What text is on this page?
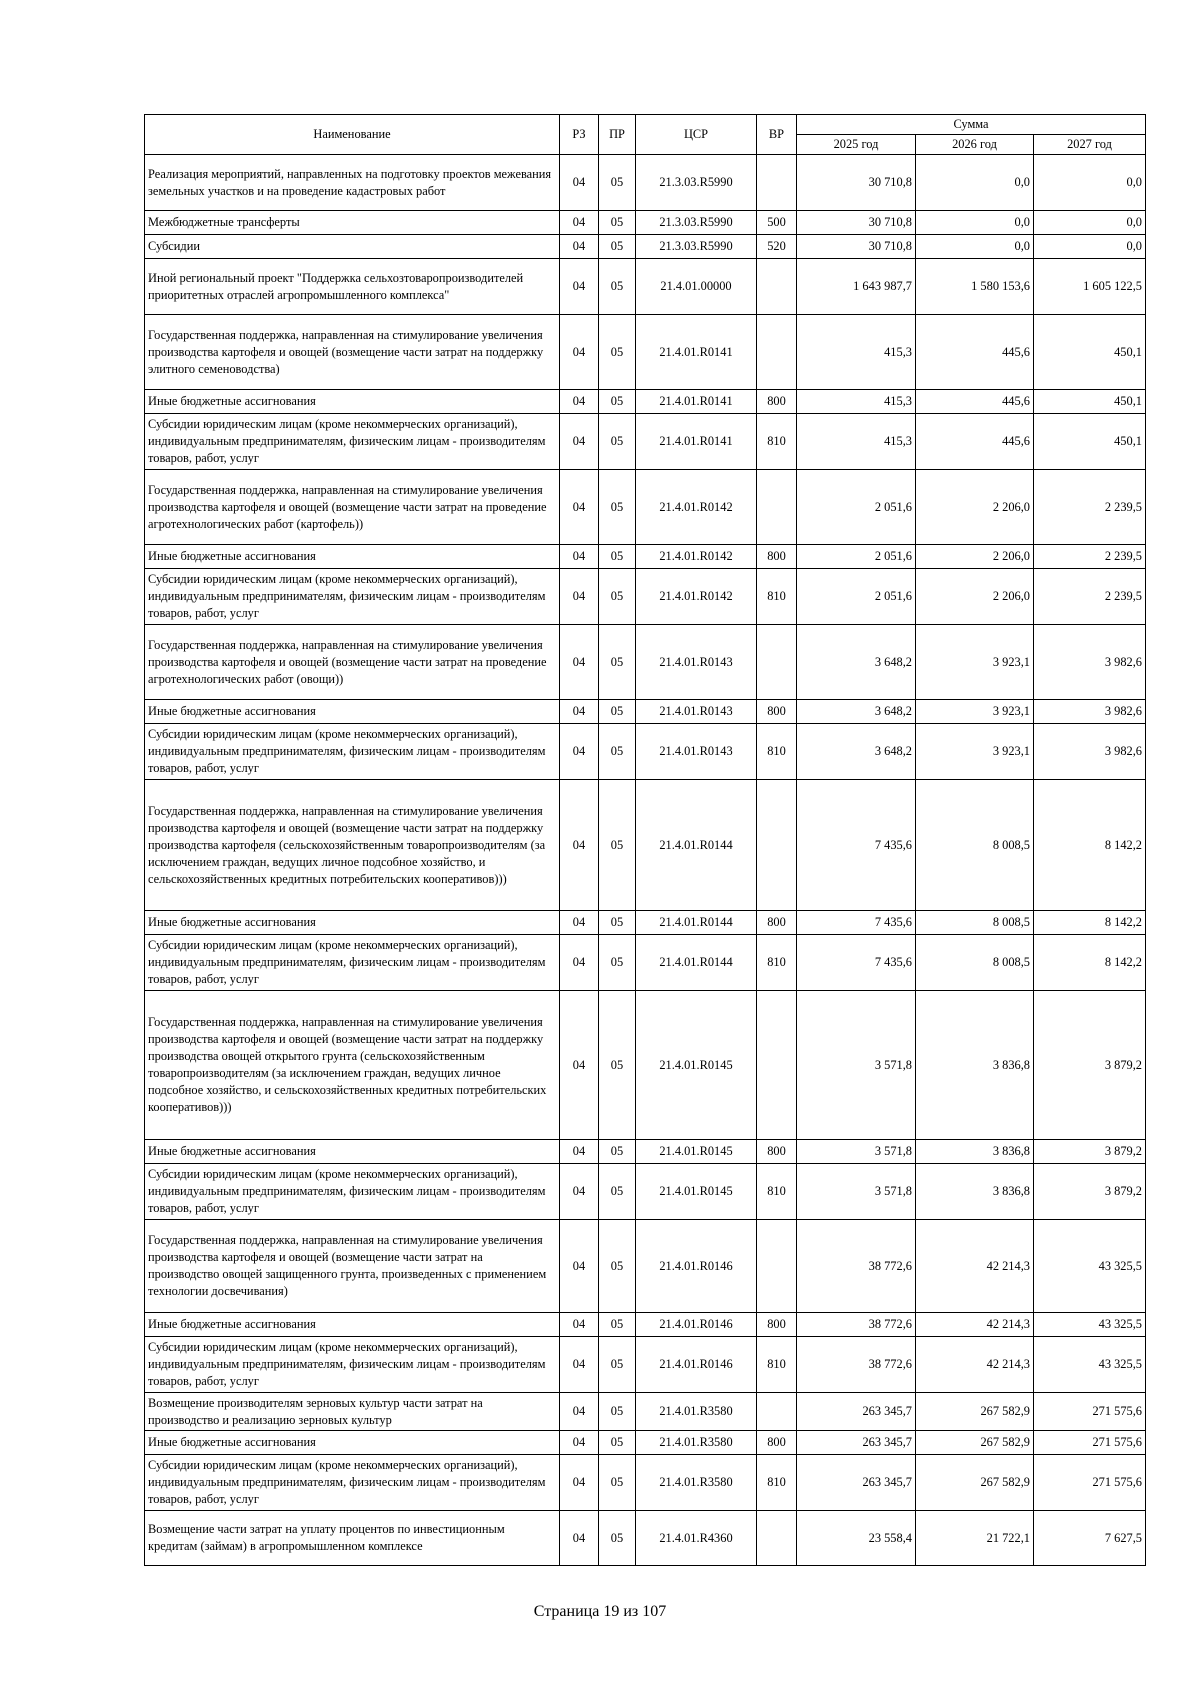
Наименование	РЗ	ПР	ЦСР	ВР	Сумма		
					2025 год	2026 год	2027 год
Реализация мероприятий, направленных на подготовку проектов межевания земельных участков и на проведение кадастровых работ	04	05	21.3.03.R5990		30 710,8	0,0	0,0
Межбюджетные трансферты	04	05	21.3.03.R5990	500	30 710,8	0,0	0,0
Субсидии	04	05	21.3.03.R5990	520	30 710,8	0,0	0,0
Иной региональный проект "Поддержка сельхозтоваропроизводителей приоритетных отраслей агропромышленного комплекса"	04	05	21.4.01.00000		1 643 987,7	1 580 153,6	1 605 122,5
Государственная поддержка, направленная на стимулирование увеличения производства картофеля и овощей (возмещение части затрат на поддержку элитного семеноводства)	04	05	21.4.01.R0141		415,3	445,6	450,1
Иные бюджетные ассигнования	04	05	21.4.01.R0141	800	415,3	445,6	450,1
Субсидии юридическим лицам (кроме некоммерческих организаций), индивидуальным предпринимателям, физическим лицам - производителям товаров, работ, услуг	04	05	21.4.01.R0141	810	415,3	445,6	450,1
Государственная поддержка, направленная на стимулирование увеличения производства картофеля и овощей (возмещение части затрат на проведение агротехнологических работ (картофель))	04	05	21.4.01.R0142		2 051,6	2 206,0	2 239,5
Иные бюджетные ассигнования	04	05	21.4.01.R0142	800	2 051,6	2 206,0	2 239,5
Субсидии юридическим лицам (кроме некоммерческих организаций), индивидуальным предпринимателям, физическим лицам - производителям товаров, работ, услуг	04	05	21.4.01.R0142	810	2 051,6	2 206,0	2 239,5
Государственная поддержка, направленная на стимулирование увеличения производства картофеля и овощей (возмещение части затрат на проведение агротехнологических работ (овощи))	04	05	21.4.01.R0143		3 648,2	3 923,1	3 982,6
Иные бюджетные ассигнования	04	05	21.4.01.R0143	800	3 648,2	3 923,1	3 982,6
Субсидии юридическим лицам (кроме некоммерческих организаций), индивидуальным предпринимателям, физическим лицам - производителям товаров, работ, услуг	04	05	21.4.01.R0143	810	3 648,2	3 923,1	3 982,6
Государственная поддержка, направленная на стимулирование увеличения производства картофеля и овощей (возмещение части затрат на поддержку производства картофеля (сельскохозяйственным товаропроизводителям (за исключением граждан, ведущих личное подсобное хозяйство, и сельскохозяйственных кредитных потребительских кооперативов)))	04	05	21.4.01.R0144		7 435,6	8 008,5	8 142,2
Иные бюджетные ассигнования	04	05	21.4.01.R0144	800	7 435,6	8 008,5	8 142,2
Субсидии юридическим лицам (кроме некоммерческих организаций), индивидуальным предпринимателям, физическим лицам - производителям товаров, работ, услуг	04	05	21.4.01.R0144	810	7 435,6	8 008,5	8 142,2
Государственная поддержка, направленная на стимулирование увеличения производства картофеля и овощей (возмещение части затрат на поддержку производства овощей открытого грунта (сельскохозяйственным товаропроизводителям (за исключением граждан, ведущих личное подсобное хозяйство, и сельскохозяйственных кредитных потребительских кооперативов)))	04	05	21.4.01.R0145		3 571,8	3 836,8	3 879,2
Иные бюджетные ассигнования	04	05	21.4.01.R0145	800	3 571,8	3 836,8	3 879,2
Субсидии юридическим лицам (кроме некоммерческих организаций), индивидуальным предпринимателям, физическим лицам - производителям товаров, работ, услуг	04	05	21.4.01.R0145	810	3 571,8	3 836,8	3 879,2
Государственная поддержка, направленная на стимулирование увеличения производства картофеля и овощей (возмещение части затрат на производство овощей защищенного грунта, произведенных с применением технологии досвечивания)	04	05	21.4.01.R0146		38 772,6	42 214,3	43 325,5
Иные бюджетные ассигнования	04	05	21.4.01.R0146	800	38 772,6	42 214,3	43 325,5
Субсидии юридическим лицам (кроме некоммерческих организаций), индивидуальным предпринимателям, физическим лицам - производителям товаров, работ, услуг	04	05	21.4.01.R0146	810	38 772,6	42 214,3	43 325,5
Возмещение производителям зерновых культур части затрат на производство и реализацию зерновых культур	04	05	21.4.01.R3580		263 345,7	267 582,9	271 575,6
Иные бюджетные ассигнования	04	05	21.4.01.R3580	800	263 345,7	267 582,9	271 575,6
Субсидии юридическим лицам (кроме некоммерческих организаций), индивидуальным предпринимателям, физическим лицам - производителям товаров, работ, услуг	04	05	21.4.01.R3580	810	263 345,7	267 582,9	271 575,6
Возмещение части затрат на уплату процентов по инвестиционным кредитам (займам) в агропромышленном комплексе	04	05	21.4.01.R4360		23 558,4	21 722,1	7 627,5
Страница 19 из 107
